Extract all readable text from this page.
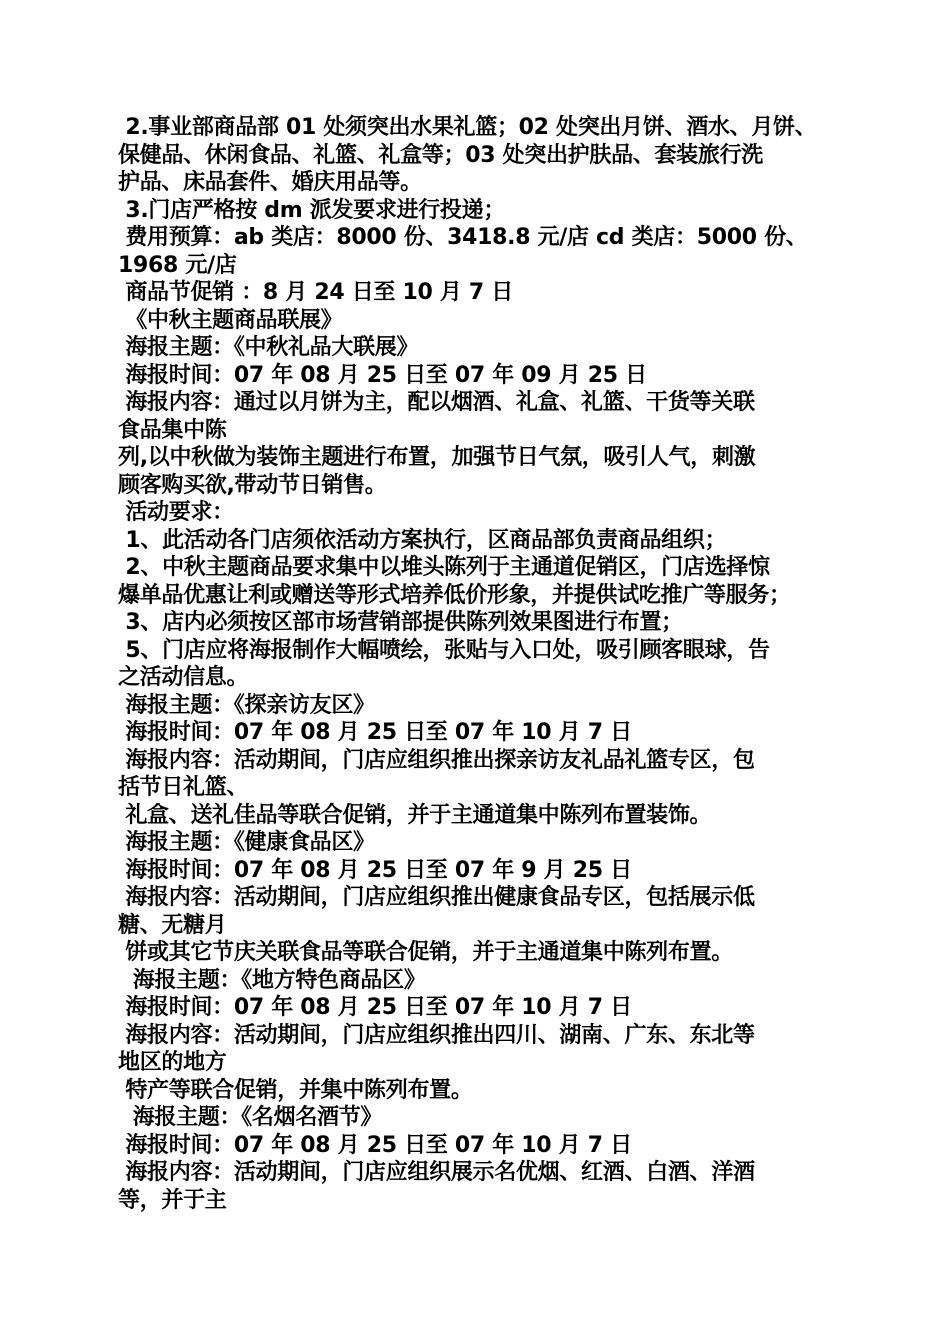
2.事业部商品部 01 处须突出水果礼篮；02 处突出月饼、酒水、月饼、
保健品、休闲食品、礼篮、礼盒等；03 处突出护肤品、套装旅行洗
护品、床品套件、婚庆用品等。
3.门店严格按 dm 派发要求进行投递；
费用预算：ab 类店：8000 份、3418.8 元/店 cd 类店：5000 份、
1968 元/店
商品节促销 ：8 月 24 日至 10 月 7 日
《中秋主题商品联展》
海报主题：《中秋礼品大联展》
海报时间：07 年 08 月 25 日至 07 年 09 月 25 日
海报内容：通过以月饼为主，配以烟酒、礼盒、礼篮、干货等关联
食品集中陈
列,以中秋做为装饰主题进行布置，加强节日气氛，吸引人气，刺激
顾客购买欲,带动节日销售。
活动要求：
1、此活动各门店须依活动方案执行，区商品部负责商品组织；
2、中秋主题商品要求集中以堆头陈列于主通道促销区，门店选择惊
爆单品优惠让利或赠送等形式培养低价形象，并提供试吃推广等服务；
3、店内必须按区部市场营销部提供陈列效果图进行布置；
5、门店应将海报制作大幅喷绘，张贴与入口处，吸引顾客眼球，告
之活动信息。
海报主题：《探亲访友区》
海报时间：07 年 08 月 25 日至 07 年 10 月 7 日
海报内容：活动期间，门店应组织推出探亲访友礼品礼篮专区，包
括节日礼篮、
礼盒、送礼佳品等联合促销，并于主通道集中陈列布置装饰。
海报主题：《健康食品区》
海报时间：07 年 08 月 25 日至 07 年 9 月 25 日
海报内容：活动期间，门店应组织推出健康食品专区，包括展示低
糖、无糖月
饼或其它节庆关联食品等联合促销，并于主通道集中陈列布置。
海报主题：《地方特色商品区》
海报时间：07 年 08 月 25 日至 07 年 10 月 7 日
海报内容：活动期间，门店应组织推出四川、湖南、广东、东北等
地区的地方
特产等联合促销，并集中陈列布置。
海报主题：《名烟名酒节》
海报时间：07 年 08 月 25 日至 07 年 10 月 7 日
海报内容：活动期间，门店应组织展示名优烟、红酒、白酒、洋酒
等，并于主
